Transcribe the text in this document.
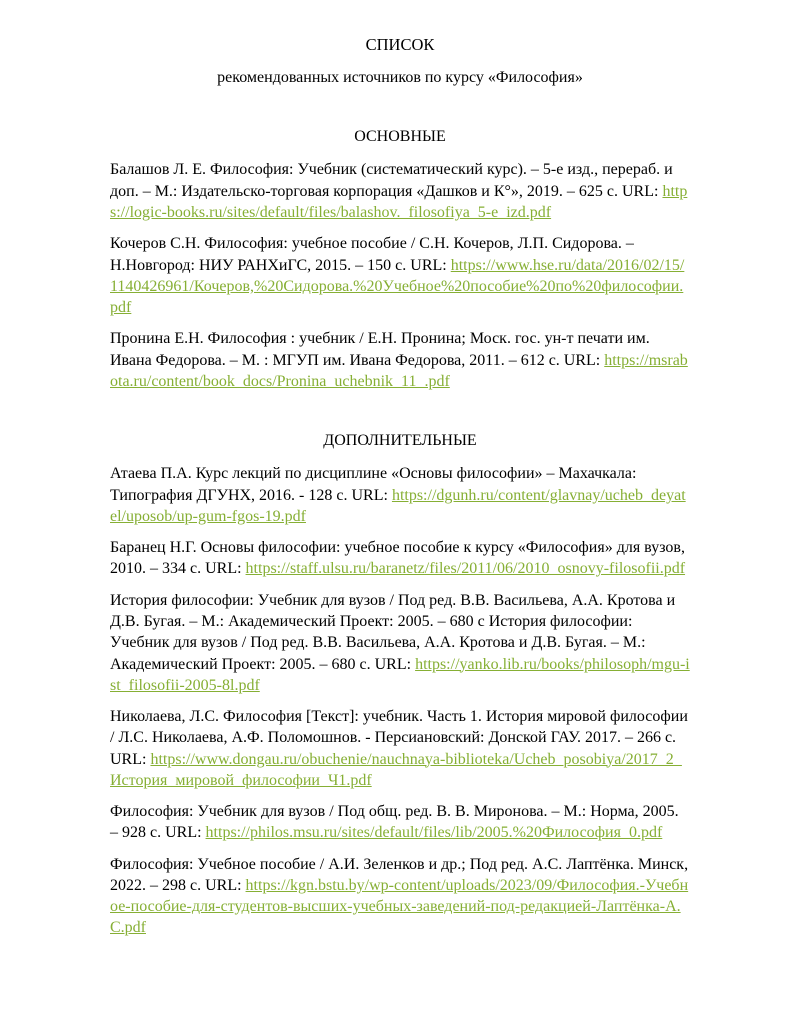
СПИСОК

рекомендованных источников по курсу «Философия»

ОСНОВНЫЕ

Балашов Л. Е. Философия: Учебник (систематический курс). – 5-е изд., перераб. и доп. – М.: Издательско-торговая корпорация «Дашков и К°», 2019. – 625 с. URL: https://logic-books.ru/sites/default/files/balashov._filosofiya_5-e_izd.pdf

Кочеров С.Н. Философия: учебное пособие / С.Н. Кочеров, Л.П. Сидорова. – Н.Новгород: НИУ РАНХиГС, 2015. – 150 с. URL: https://www.hse.ru/data/2016/02/15/1140426961/Кочеров,%20Сидорова.%20Учебное%20пособие%20по%20философии.pdf

Пронина Е.Н. Философия : учебник / Е.Н. Пронина; Моск. гос. ун-т печати им. Ивана Федорова. – М. : МГУП им. Ивана Федорова, 2011. – 612 с. URL: https://msrabota.ru/content/book_docs/Pronina_uchebnik_11_.pdf

ДОПОЛНИТЕЛЬНЫЕ

Атаева П.А. Курс лекций по дисциплине «Основы философии» – Махачкала: Типография ДГУНХ, 2016. - 128 с. URL: https://dgunh.ru/content/glavnay/ucheb_deyatel/uposob/up-gum-fgos-19.pdf

Баранец Н.Г. Основы философии: учебное пособие к курсу «Философия» для вузов, 2010. – 334 с. URL: https://staff.ulsu.ru/baranetz/files/2011/06/2010_osnovy-filosofii.pdf

История философии: Учебник для вузов / Под ред. В.В. Васильева, А.А. Кротова и Д.В. Бугая. – М.: Академический Проект: 2005. – 680 с История философии: Учебник для вузов / Под ред. В.В. Васильева, А.А. Кротова и Д.В. Бугая. – М.: Академический Проект: 2005. – 680 с. URL: https://yanko.lib.ru/books/philosoph/mgu-ist_filosofii-2005-8l.pdf

Николаева, Л.С. Философия [Текст]: учебник. Часть 1. История мировой философии / Л.С. Николаева, А.Ф. Поломошнов. - Персиановский: Донской ГАУ. 2017. – 266 с. URL: https://www.dongau.ru/obuchenie/nauchnaya-biblioteka/Ucheb_posobiya/2017_2_История_мировой_философии_Ч1.pdf

Философия: Учебник для вузов / Под общ. ред. В. В. Миронова. – М.: Норма, 2005. – 928 с. URL: https://philos.msu.ru/sites/default/files/lib/2005.%20Философия_0.pdf

Философия: Учебное пособие / А.И. Зеленков и др.; Под ред. А.С. Лаптёнка. Минск, 2022. – 298 с. URL: https://kgn.bstu.by/wp-content/uploads/2023/09/Философия.-Учебное-пособие-для-студентов-высших-учебных-заведений-под-редакцией-Лаптёнка-А.С.pdf
